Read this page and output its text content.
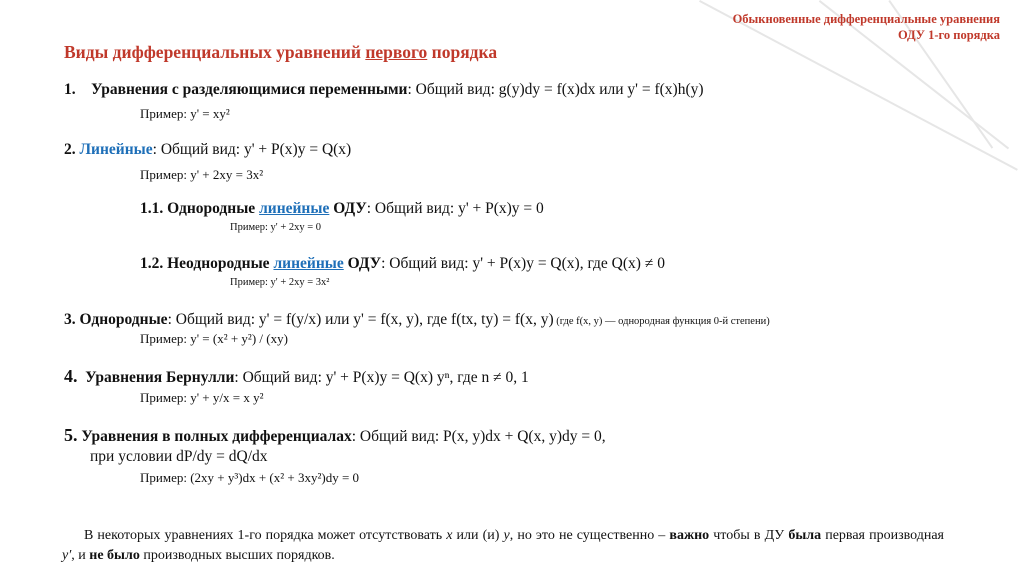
Обыкновенные дифференциальные уравнения
ОДУ 1-го порядка
Виды дифференциальных уравнений первого порядка
1. Уравнения с разделяющимися переменными: Общий вид: g(y)dy = f(x)dx или y' = f(x)h(y)
Пример: y' = xy²
2. Линейные: Общий вид: y' + P(x)y = Q(x)
Пример: y' + 2xy = 3x²
1.1. Однородные линейные ОДУ: Общий вид: y' + P(x)y = 0
Пример: y' + 2xy = 0
1.2. Неоднородные линейные ОДУ: Общий вид: y' + P(x)y = Q(x), где Q(x) ≠ 0
Пример: y' + 2xy = 3x²
3. Однородные: Общий вид: y' = f(y/x) или y' = f(x, y), где f(tx, ty) = f(x, y) (где f(x, y) — однородная функция 0-й степени)
Пример: y' = (x² + y²) / (xy)
4. Уравнения Бернулли: Общий вид: y' + P(x)y = Q(x) yⁿ, где n ≠ 0, 1
Пример: y' + y/x = x y²
5. Уравнения в полных дифференциалах: Общий вид: P(x, y)dx + Q(x, y)dy = 0,
при условии dP/dy = dQ/dx
Пример: (2xy + y³)dx + (x² + 3xy²)dy = 0
В некоторых уравнениях 1-го порядка может отсутствовать x или (и) y, но это не существенно – важно чтобы в ДУ была первая производная y′, и не было производных высших порядков.
